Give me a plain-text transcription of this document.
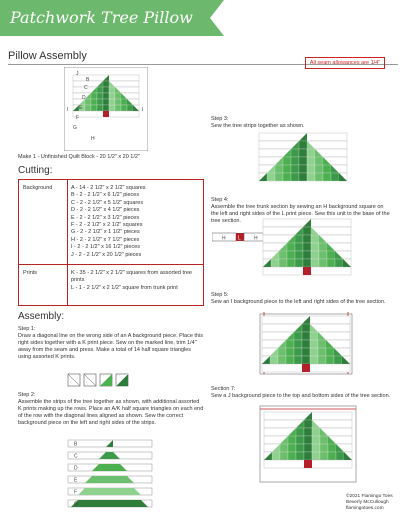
Patchwork Tree Pillow
Pillow Assembly
All seam allowances are 1/4"
B
C
D
E
F
G
H
J
I	I
Make 1 - Unfinished Quilt Block - 20 1/2" x 20 1/2"
Cutting:
Background	A - 14 - 2 1/2" x 2 1/2" squares
B - 2 - 2 1/2" x 6 1/2" pieces
C - 2 - 2 1/2" x 5 1/2" squares
D - 2 - 2 1/2" x 4 1/2" pieces
E - 2 - 2 1/2" x 3 1/2" pieces
F - 2 - 2 1/2" x 2 1/2" squares
G - 2 - 2 1/2" x 1 1/2" pieces
H - 2 - 2 1/2" x 7 1/2" pieces
I - 2 - 2 1/2" x 16 1/2" pieces
J - 2 - 2 1/2" x 20 1/2" pieces
Prints	K - 35 - 2 1/2" x 2 1/2" squares from assorted tree prints
L - 1 - 2 1/2" x 2 1/2" square from trunk print
Assembly:
Step 1:
Draw a diagonal line on the wrong side of an A background piece. Place this right sides together with a K print piece. Sew on the marked line, trim 1/4" away from the seam and press. Make a total of 14 half square triangles using assorted K prints.
Step 2:
Assemble the strips of the tree together as shown, with additional assorted K prints making up the rows. Place an A/K half square triangles on each end of the row with the diagonal lines aligned as shown. Sew the correct background piece on the left and right sides of the strips.
B
C
D
E
F
G
Step 3:
Sew the tree strips together as shown.
Step 4:
Assemble the tree trunk section by sewing an H background square on the left and right sides of the L print piece. Sew this unit to the base of the tree section.
H L	H
Step 5:
Sew an I background piece to the left and right sides of the tree section.
Section 7:
Sew a J background piece to the top and bottom sides of the tree section.
©2021 Flamingo Toes
Beverly McCullough
flamingotoes.com
